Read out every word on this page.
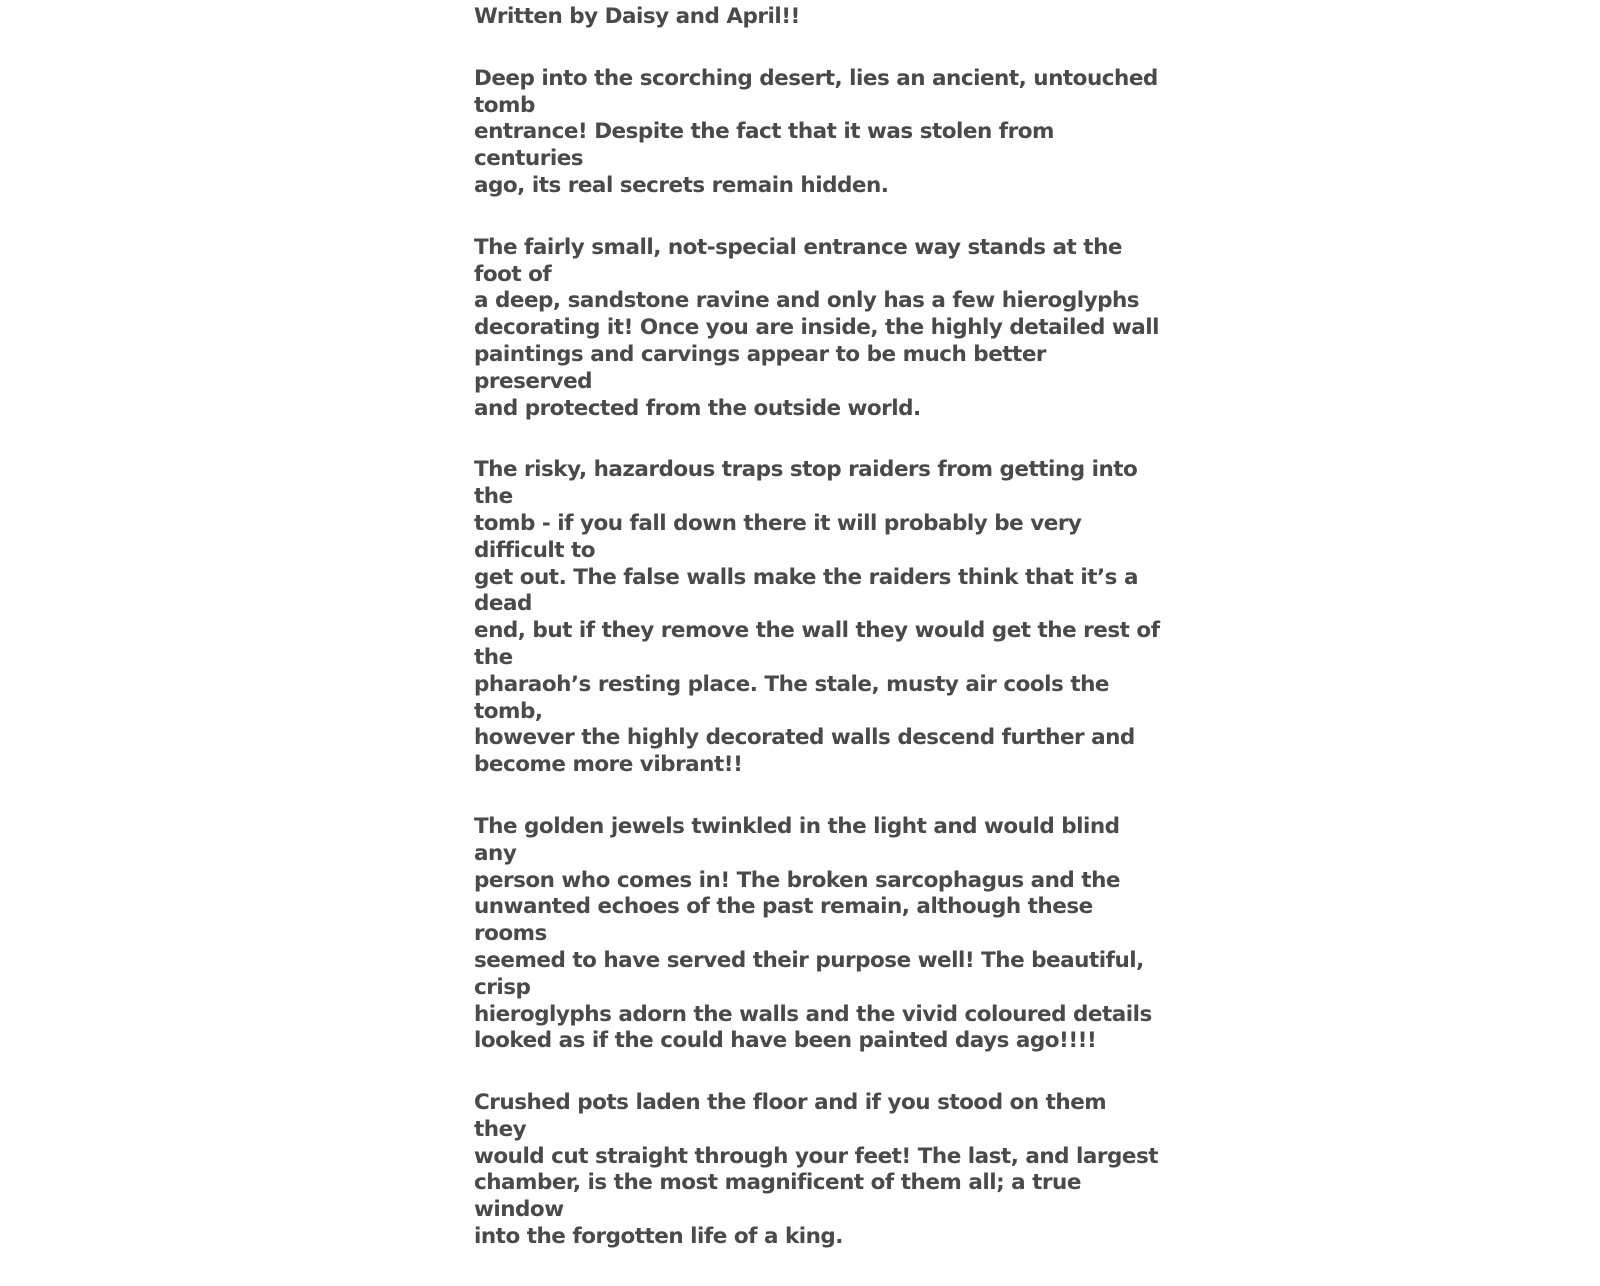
Written by Daisy and April!!
Deep into the scorching desert, lies an ancient, untouched tomb
entrance! Despite the fact that it was stolen from centuries
ago, its real secrets remain hidden.
The fairly small, not-special entrance way stands at the foot of
a deep, sandstone ravine and only has a few hieroglyphs
decorating it! Once you are inside, the highly detailed wall
paintings and carvings appear to be much better preserved
and protected from the outside world.
The risky, hazardous traps stop raiders from getting into the
tomb - if you fall down there it will probably be very difficult to
get out. The false walls make the raiders think that it’s a dead
end, but if they remove the wall they would get the rest of the
pharaoh’s resting place. The stale, musty air cools the tomb,
however the highly decorated walls descend further and
become more vibrant!!
The golden jewels twinkled in the light and would blind any
person who comes in! The broken sarcophagus and the
unwanted echoes of the past remain, although these rooms
seemed to have served their purpose well! The beautiful, crisp
hieroglyphs adorn the walls and the vivid coloured details
looked as if the could have been painted days ago!!!!
Crushed pots laden the floor and if you stood on them they
would cut straight through your feet! The last, and largest
chamber, is the most magnificent of them all; a true window
into the forgotten life of a king.
